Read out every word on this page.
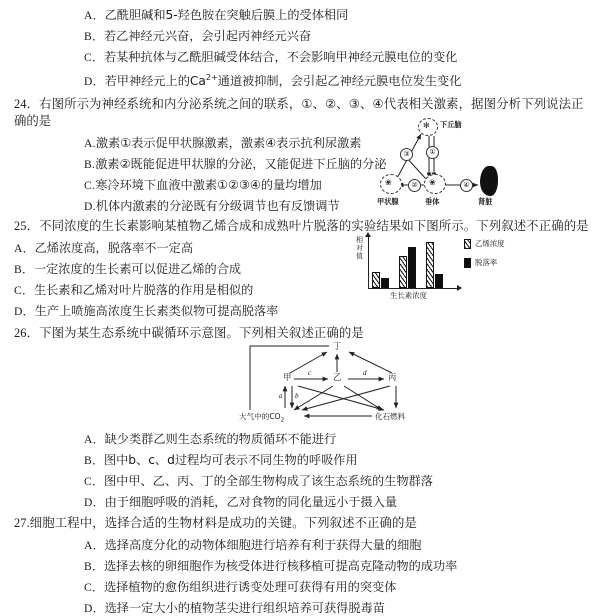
A．乙酰胆碱和5-羟色胺在突触后膜上的受体相同
B．若乙神经元兴奋，会引起丙神经元兴奋
C．若某种抗体与乙酰胆碱受体结合，不会影响甲神经元膜电位的变化
D．若甲神经元上的$Ca^{2+}$通道被抑制，会引起乙神经元膜电位发生变化
24．右图所示为神经系统和内分泌系统之间的联系，①、②、③、④代表相关激素，据图分析下列说法正
确的是
A.激素①表示促甲状腺激素，激素④表示抗利尿激素
B.激素②既能促进甲状腺的分泌，又能促进下丘脑的分泌
C.寒冷环境下血液中激素①②③④的量均增加
D.机体内激素的分泌既有分级调节也有反馈调节
✻ 下丘脑
❀
甲状腺
❀
垂体	肾脏
①
②
③
④
25．不同浓度的生长素影响某植物乙烯合成和成熟叶片脱落的实验结果如下图所示。下列叙述不正确的是
A．乙烯浓度高，脱落率不一定高
B．一定浓度的生长素可以促进乙烯的合成
C．生长素和乙烯对叶片脱落的作用是相似的
D．生产上喷施高浓度生长素类似物可提高脱落率
相对值
生长素浓度
乙烯浓度
脱落率
26．下图为某生态系统中碳循环示意图。下列相关叙述正确的是
丁
甲	乙	丙
大气中的$CO_2$	化石燃料
a b
c	d
A．缺少类群乙则生态系统的物质循环不能进行
B．图中b、c、d过程均可表示不同生物的呼吸作用
C．图中甲、乙、丙、丁的全部生物构成了该生态系统的生物群落
D．由于细胞呼吸的消耗，乙对食物的同化量远小于摄入量
27.细胞工程中，选择合适的生物材料是成功的关键。下列叙述不正确的是
A．选择高度分化的动物体细胞进行培养有利于获得大量的细胞
B．选择去核的卵细胞作为核受体进行核移植可提高克隆动物的成功率
C．选择植物的愈伤组织进行诱变处理可获得有用的突变体
D．选择一定大小的植物茎尖进行组织培养可获得脱毒苗
